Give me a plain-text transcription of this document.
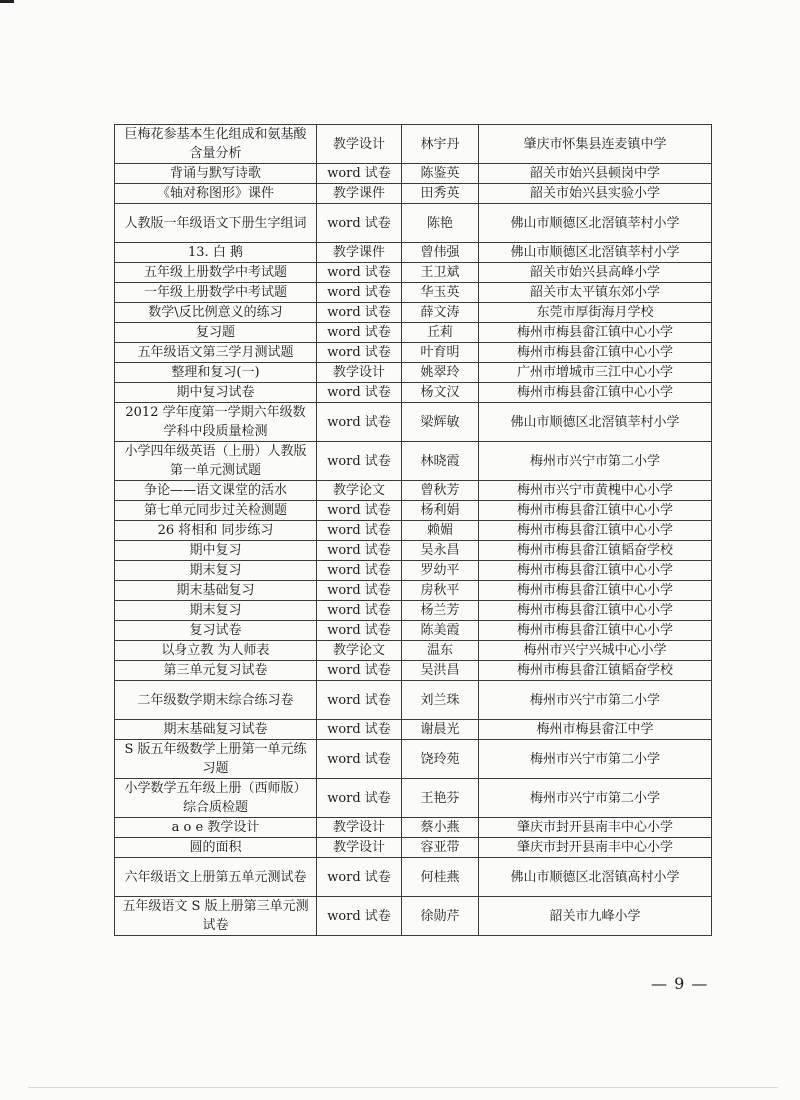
巨梅花参基本生化组成和氨基酸含量分析	教学设计	林宇丹	肇庆市怀集县连麦镇中学
背诵与默写诗歌	word 试卷	陈鉴英	韶关市始兴县顿岗中学
《轴对称图形》课件	教学课件	田秀英	韶关市始兴县实验小学
人教版一年级语文下册生字组词	word 试卷	陈艳	佛山市顺德区北滘镇莘村小学
13. 白 鹅	教学课件	曾伟强	佛山市顺德区北滘镇莘村小学
五年级上册数学中考试题	word 试卷	王卫斌	韶关市始兴县高峰小学
一年级上册数学中考试题	word 试卷	华玉英	韶关市太平镇东郊小学
数学\反比例意义的练习	word 试卷	薛文涛	东莞市厚街海月学校
复习题	word 试卷	丘莉	梅州市梅县畲江镇中心小学
五年级语文第三学月测试题	word 试卷	叶育明	梅州市梅县畲江镇中心小学
整理和复习(一)	教学设计	姚翠玲	广州市增城市三江中心小学
期中复习试卷	word 试卷	杨文汉	梅州市梅县畲江镇中心小学
2012 学年度第一学期六年级数学科中段质量检测	word 试卷	梁辉敏	佛山市顺德区北滘镇莘村小学
小学四年级英语（上册）人教版第一单元测试题	word 试卷	林晓霞	梅州市兴宁市第二小学
争论——语文课堂的活水	教学论文	曾秋芳	梅州市兴宁市黄槐中心小学
第七单元同步过关检测题	word 试卷	杨利娟	梅州市梅县畲江镇中心小学
26 将相和 同步练习	word 试卷	赖媚	梅州市梅县畲江镇中心小学
期中复习	word 试卷	吴永昌	梅州市梅县畲江镇韬奋学校
期末复习	word 试卷	罗幼平	梅州市梅县畲江镇中心小学
期末基础复习	word 试卷	房秋平	梅州市梅县畲江镇中心小学
期末复习	word 试卷	杨兰芳	梅州市梅县畲江镇中心小学
复习试卷	word 试卷	陈美霞	梅州市梅县畲江镇中心小学
以身立教 为人师表	教学论文	温东	梅州市兴宁兴城中心小学
第三单元复习试卷	word 试卷	吴洪昌	梅州市梅县畲江镇韬奋学校
二年级数学期末综合练习卷	word 试卷	刘兰珠	梅州市兴宁市第二小学
期末基础复习试卷	word 试卷	谢晨光	梅州市梅县畲江中学
S 版五年级数学上册第一单元练习题	word 试卷	饶玲苑	梅州市兴宁市第二小学
小学数学五年级上册（西师版）综合质检题	word 试卷	王艳芬	梅州市兴宁市第二小学
a o e 教学设计	教学设计	蔡小燕	肇庆市封开县南丰中心小学
圆的面积	教学设计	容亚带	肇庆市封开县南丰中心小学
六年级语文上册第五单元测试卷	word 试卷	何桂燕	佛山市顺德区北滘镇高村小学
五年级语文 S 版上册第三单元测试卷	word 试卷	徐勋芹	韶关市九峰小学
— 9 —
